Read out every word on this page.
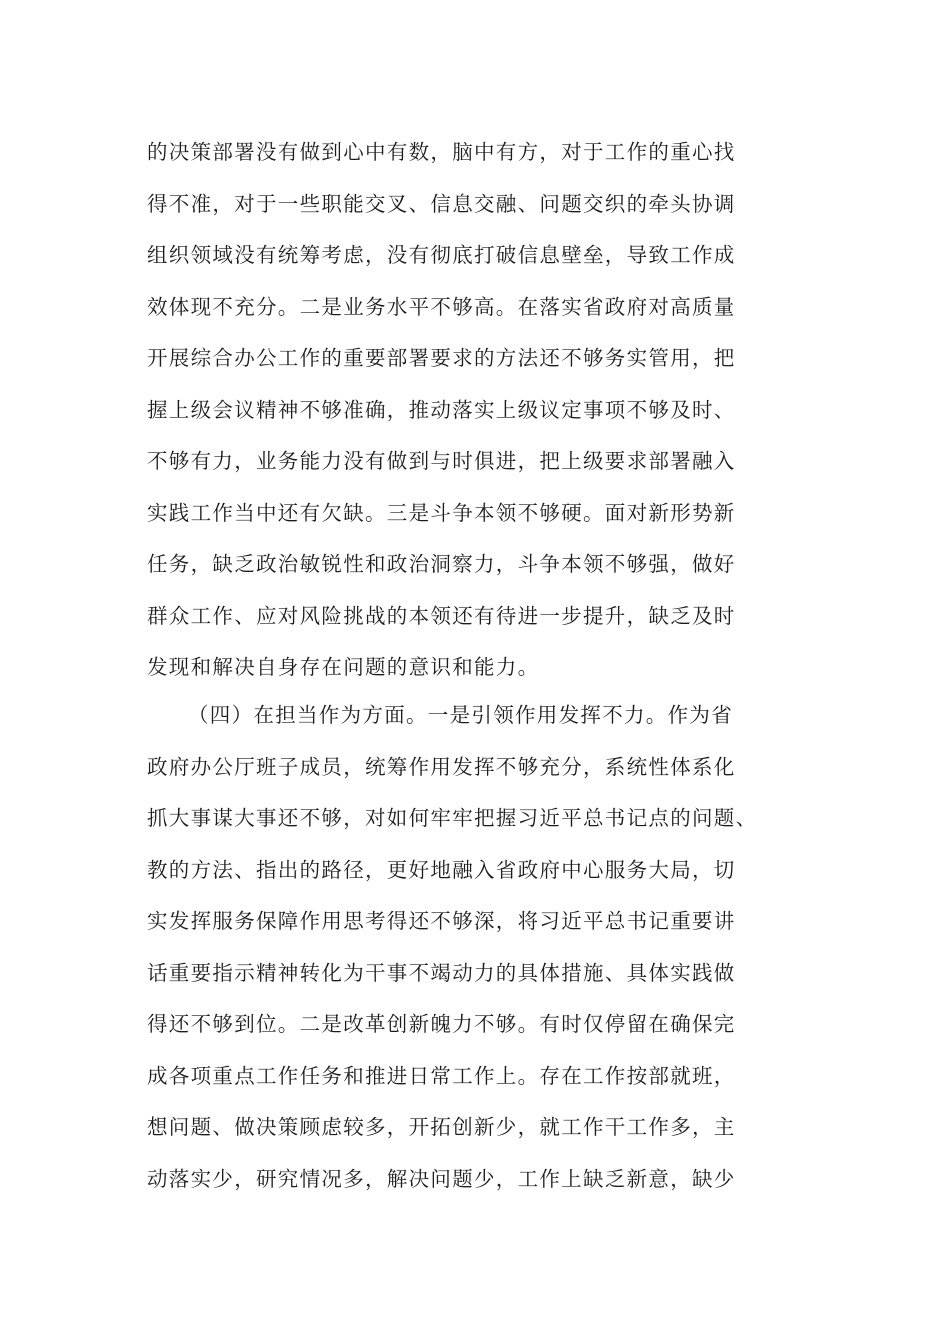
的决策部署没有做到心中有数，脑中有方，对于工作的重心找
得不准，对于一些职能交叉、信息交融、问题交织的牵头协调
组织领域没有统筹考虑，没有彻底打破信息壁垒，导致工作成
效体现不充分。二是业务水平不够高。在落实省政府对高质量
开展综合办公工作的重要部署要求的方法还不够务实管用，把
握上级会议精神不够准确，推动落实上级议定事项不够及时、
不够有力，业务能力没有做到与时俱进，把上级要求部署融入
实践工作当中还有欠缺。三是斗争本领不够硬。面对新形势新
任务，缺乏政治敏锐性和政治洞察力，斗争本领不够强，做好
群众工作、应对风险挑战的本领还有待进一步提升，缺乏及时
发现和解决自身存在问题的意识和能力。
（四）在担当作为方面。一是引领作用发挥不力。作为省
政府办公厅班子成员，统筹作用发挥不够充分，系统性体系化
抓大事谋大事还不够，对如何牢牢把握习近平总书记点的问题、
教的方法、指出的路径，更好地融入省政府中心服务大局，切
实发挥服务保障作用思考得还不够深，将习近平总书记重要讲
话重要指示精神转化为干事不竭动力的具体措施、具体实践做
得还不够到位。二是改革创新魄力不够。有时仅停留在确保完
成各项重点工作任务和推进日常工作上。存在工作按部就班，
想问题、做决策顾虑较多，开拓创新少，就工作干工作多，主
动落实少，研究情况多，解决问题少，工作上缺乏新意，缺少
